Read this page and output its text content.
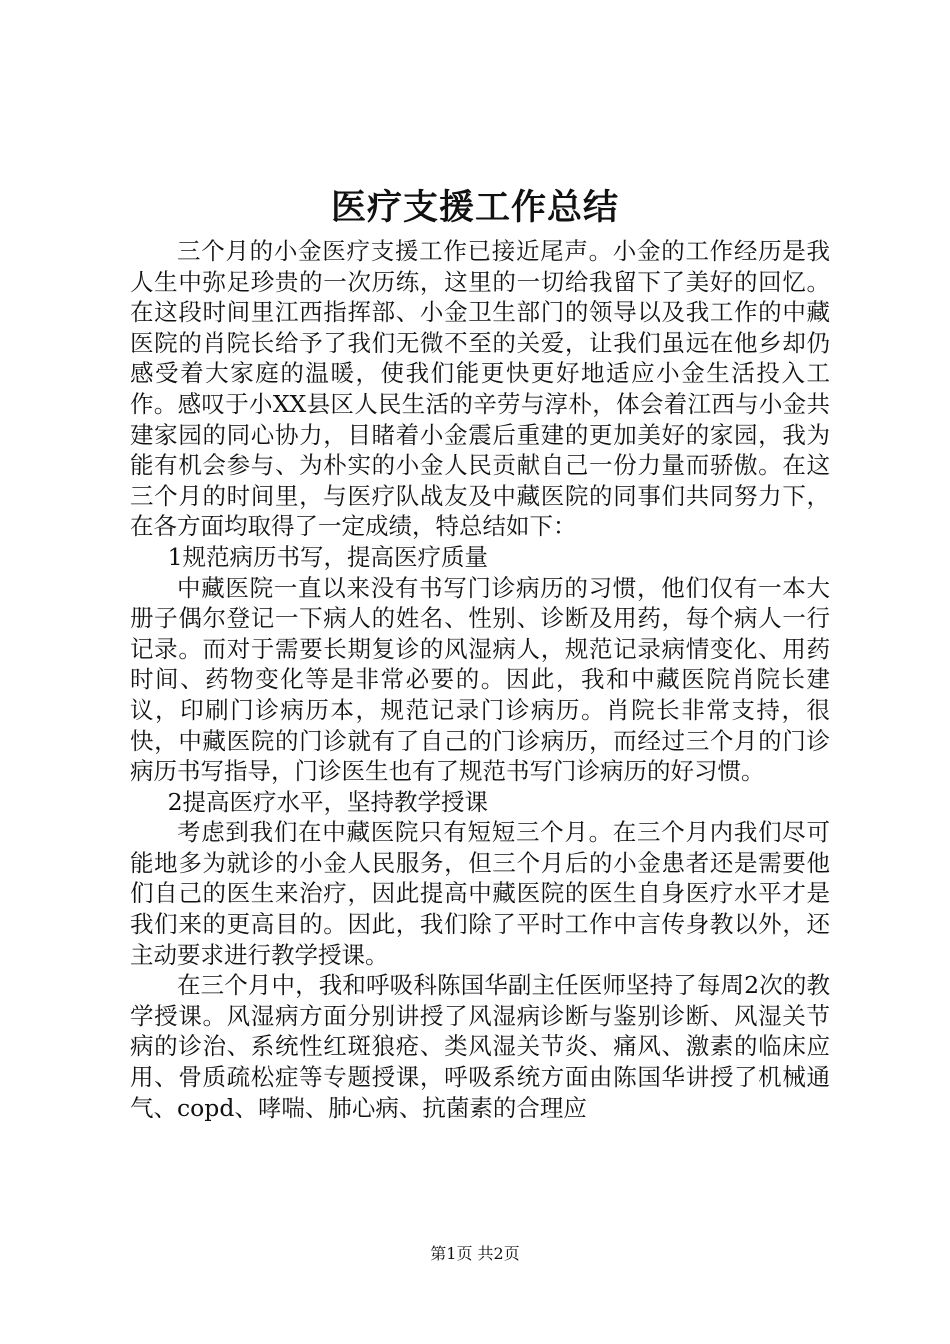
医疗支援工作总结

三个月的小金医疗支援工作已接近尾声。小金的工作经历是我人生中弥足珍贵的一次历练，这里的一切给我留下了美好的回忆。在这段时间里江西指挥部、小金卫生部门的领导以及我工作的中藏医院的肖院长给予了我们无微不至的关爱，让我们虽远在他乡却仍感受着大家庭的温暖，使我们能更快更好地适应小金生活投入工作。感叹于小XX县区人民生活的辛劳与淳朴，体会着江西与小金共建家园的同心协力，目睹着小金震后重建的更加美好的家园，我为能有机会参与、为朴实的小金人民贡献自己一份力量而骄傲。在这三个月的时间里，与医疗队战友及中藏医院的同事们共同努力下，在各方面均取得了一定成绩，特总结如下：

1规范病历书写，提高医疗质量

中藏医院一直以来没有书写门诊病历的习惯，他们仅有一本大册子偶尔登记一下病人的姓名、性别、诊断及用药，每个病人一行记录。而对于需要长期复诊的风湿病人，规范记录病情变化、用药时间、药物变化等是非常必要的。因此，我和中藏医院肖院长建议，印刷门诊病历本，规范记录门诊病历。肖院长非常支持，很快，中藏医院的门诊就有了自己的门诊病历，而经过三个月的门诊病历书写指导，门诊医生也有了规范书写门诊病历的好习惯。

2提高医疗水平，坚持教学授课

考虑到我们在中藏医院只有短短三个月。在三个月内我们尽可能地多为就诊的小金人民服务，但三个月后的小金患者还是需要他们自己的医生来治疗，因此提高中藏医院的医生自身医疗水平才是我们来的更高目的。因此，我们除了平时工作中言传身教以外，还主动要求进行教学授课。

在三个月中，我和呼吸科陈国华副主任医师坚持了每周2次的教学授课。风湿病方面分别讲授了风湿病诊断与鉴别诊断、风湿关节病的诊治、系统性红斑狼疮、类风湿关节炎、痛风、激素的临床应用、骨质疏松症等专题授课，呼吸系统方面由陈国华讲授了机械通气、copd、哮喘、肺心病、抗菌素的合理应

第1页 共2页
